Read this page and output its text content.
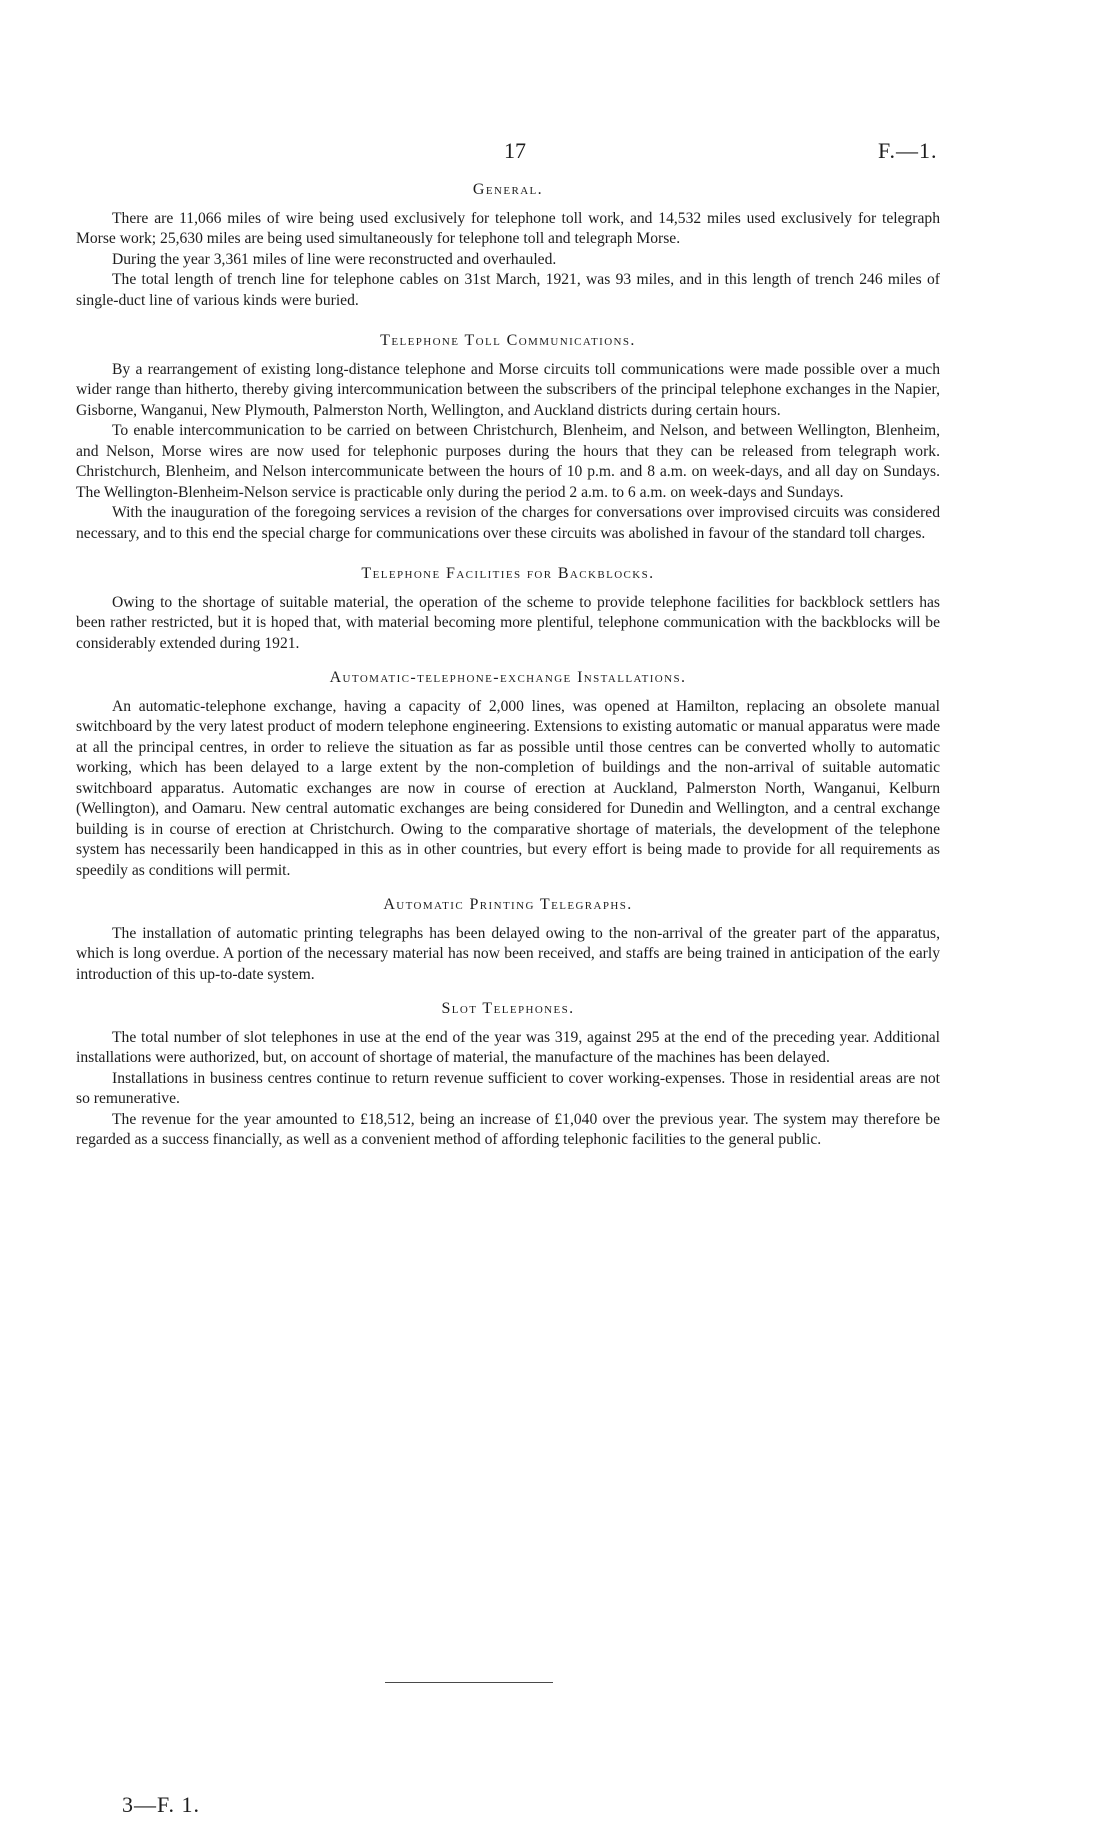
17	F.—1.
General.

There are 11,066 miles of wire being used exclusively for telephone toll work, and 14,532 miles used exclusively for telegraph Morse work; 25,630 miles are being used simultaneously for telephone toll and telegraph Morse.

During the year 3,361 miles of line were reconstructed and overhauled.

The total length of trench line for telephone cables on 31st March, 1921, was 93 miles, and in this length of trench 246 miles of single-duct line of various kinds were buried.

Telephone Toll Communications.

By a rearrangement of existing long-distance telephone and Morse circuits toll communications were made possible over a much wider range than hitherto, thereby giving intercommunication between the subscribers of the principal telephone exchanges in the Napier, Gisborne, Wanganui, New Plymouth, Palmerston North, Wellington, and Auckland districts during certain hours.

To enable intercommunication to be carried on between Christchurch, Blenheim, and Nelson, and between Wellington, Blenheim, and Nelson, Morse wires are now used for telephonic purposes during the hours that they can be released from telegraph work. Christchurch, Blenheim, and Nelson intercommunicate between the hours of 10 p.m. and 8 a.m. on week-days, and all day on Sundays. The Wellington-Blenheim-Nelson service is practicable only during the period 2 a.m. to 6 a.m. on week-days and Sundays.

With the inauguration of the foregoing services a revision of the charges for conversations over improvised circuits was considered necessary, and to this end the special charge for communications over these circuits was abolished in favour of the standard toll charges.

Telephone Facilities for Backblocks.

Owing to the shortage of suitable material, the operation of the scheme to provide telephone facilities for backblock settlers has been rather restricted, but it is hoped that, with material becoming more plentiful, telephone communication with the backblocks will be considerably extended during 1921.

Automatic-telephone-exchange Installations.

An automatic-telephone exchange, having a capacity of 2,000 lines, was opened at Hamilton, replacing an obsolete manual switchboard by the very latest product of modern telephone engineering. Extensions to existing automatic or manual apparatus were made at all the principal centres, in order to relieve the situation as far as possible until those centres can be converted wholly to automatic working, which has been delayed to a large extent by the non-completion of buildings and the non-arrival of suitable automatic switchboard apparatus. Automatic exchanges are now in course of erection at Auckland, Palmerston North, Wanganui, Kelburn (Wellington), and Oamaru. New central automatic exchanges are being considered for Dunedin and Wellington, and a central exchange building is in course of erection at Christchurch. Owing to the comparative shortage of materials, the development of the telephone system has necessarily been handicapped in this as in other countries, but every effort is being made to provide for all requirements as speedily as conditions will permit.

Automatic Printing Telegraphs.

The installation of automatic printing telegraphs has been delayed owing to the non-arrival of the greater part of the apparatus, which is long overdue. A portion of the necessary material has now been received, and staffs are being trained in anticipation of the early introduction of this up-to-date system.

Slot Telephones.

The total number of slot telephones in use at the end of the year was 319, against 295 at the end of the preceding year. Additional installations were authorized, but, on account of shortage of material, the manufacture of the machines has been delayed.

Installations in business centres continue to return revenue sufficient to cover working-expenses. Those in residential areas are not so remunerative.

The revenue for the year amounted to £18,512, being an increase of £1,040 over the previous year. The system may therefore be regarded as a success financially, as well as a convenient method of affording telephonic facilities to the general public.

3—F. 1.
